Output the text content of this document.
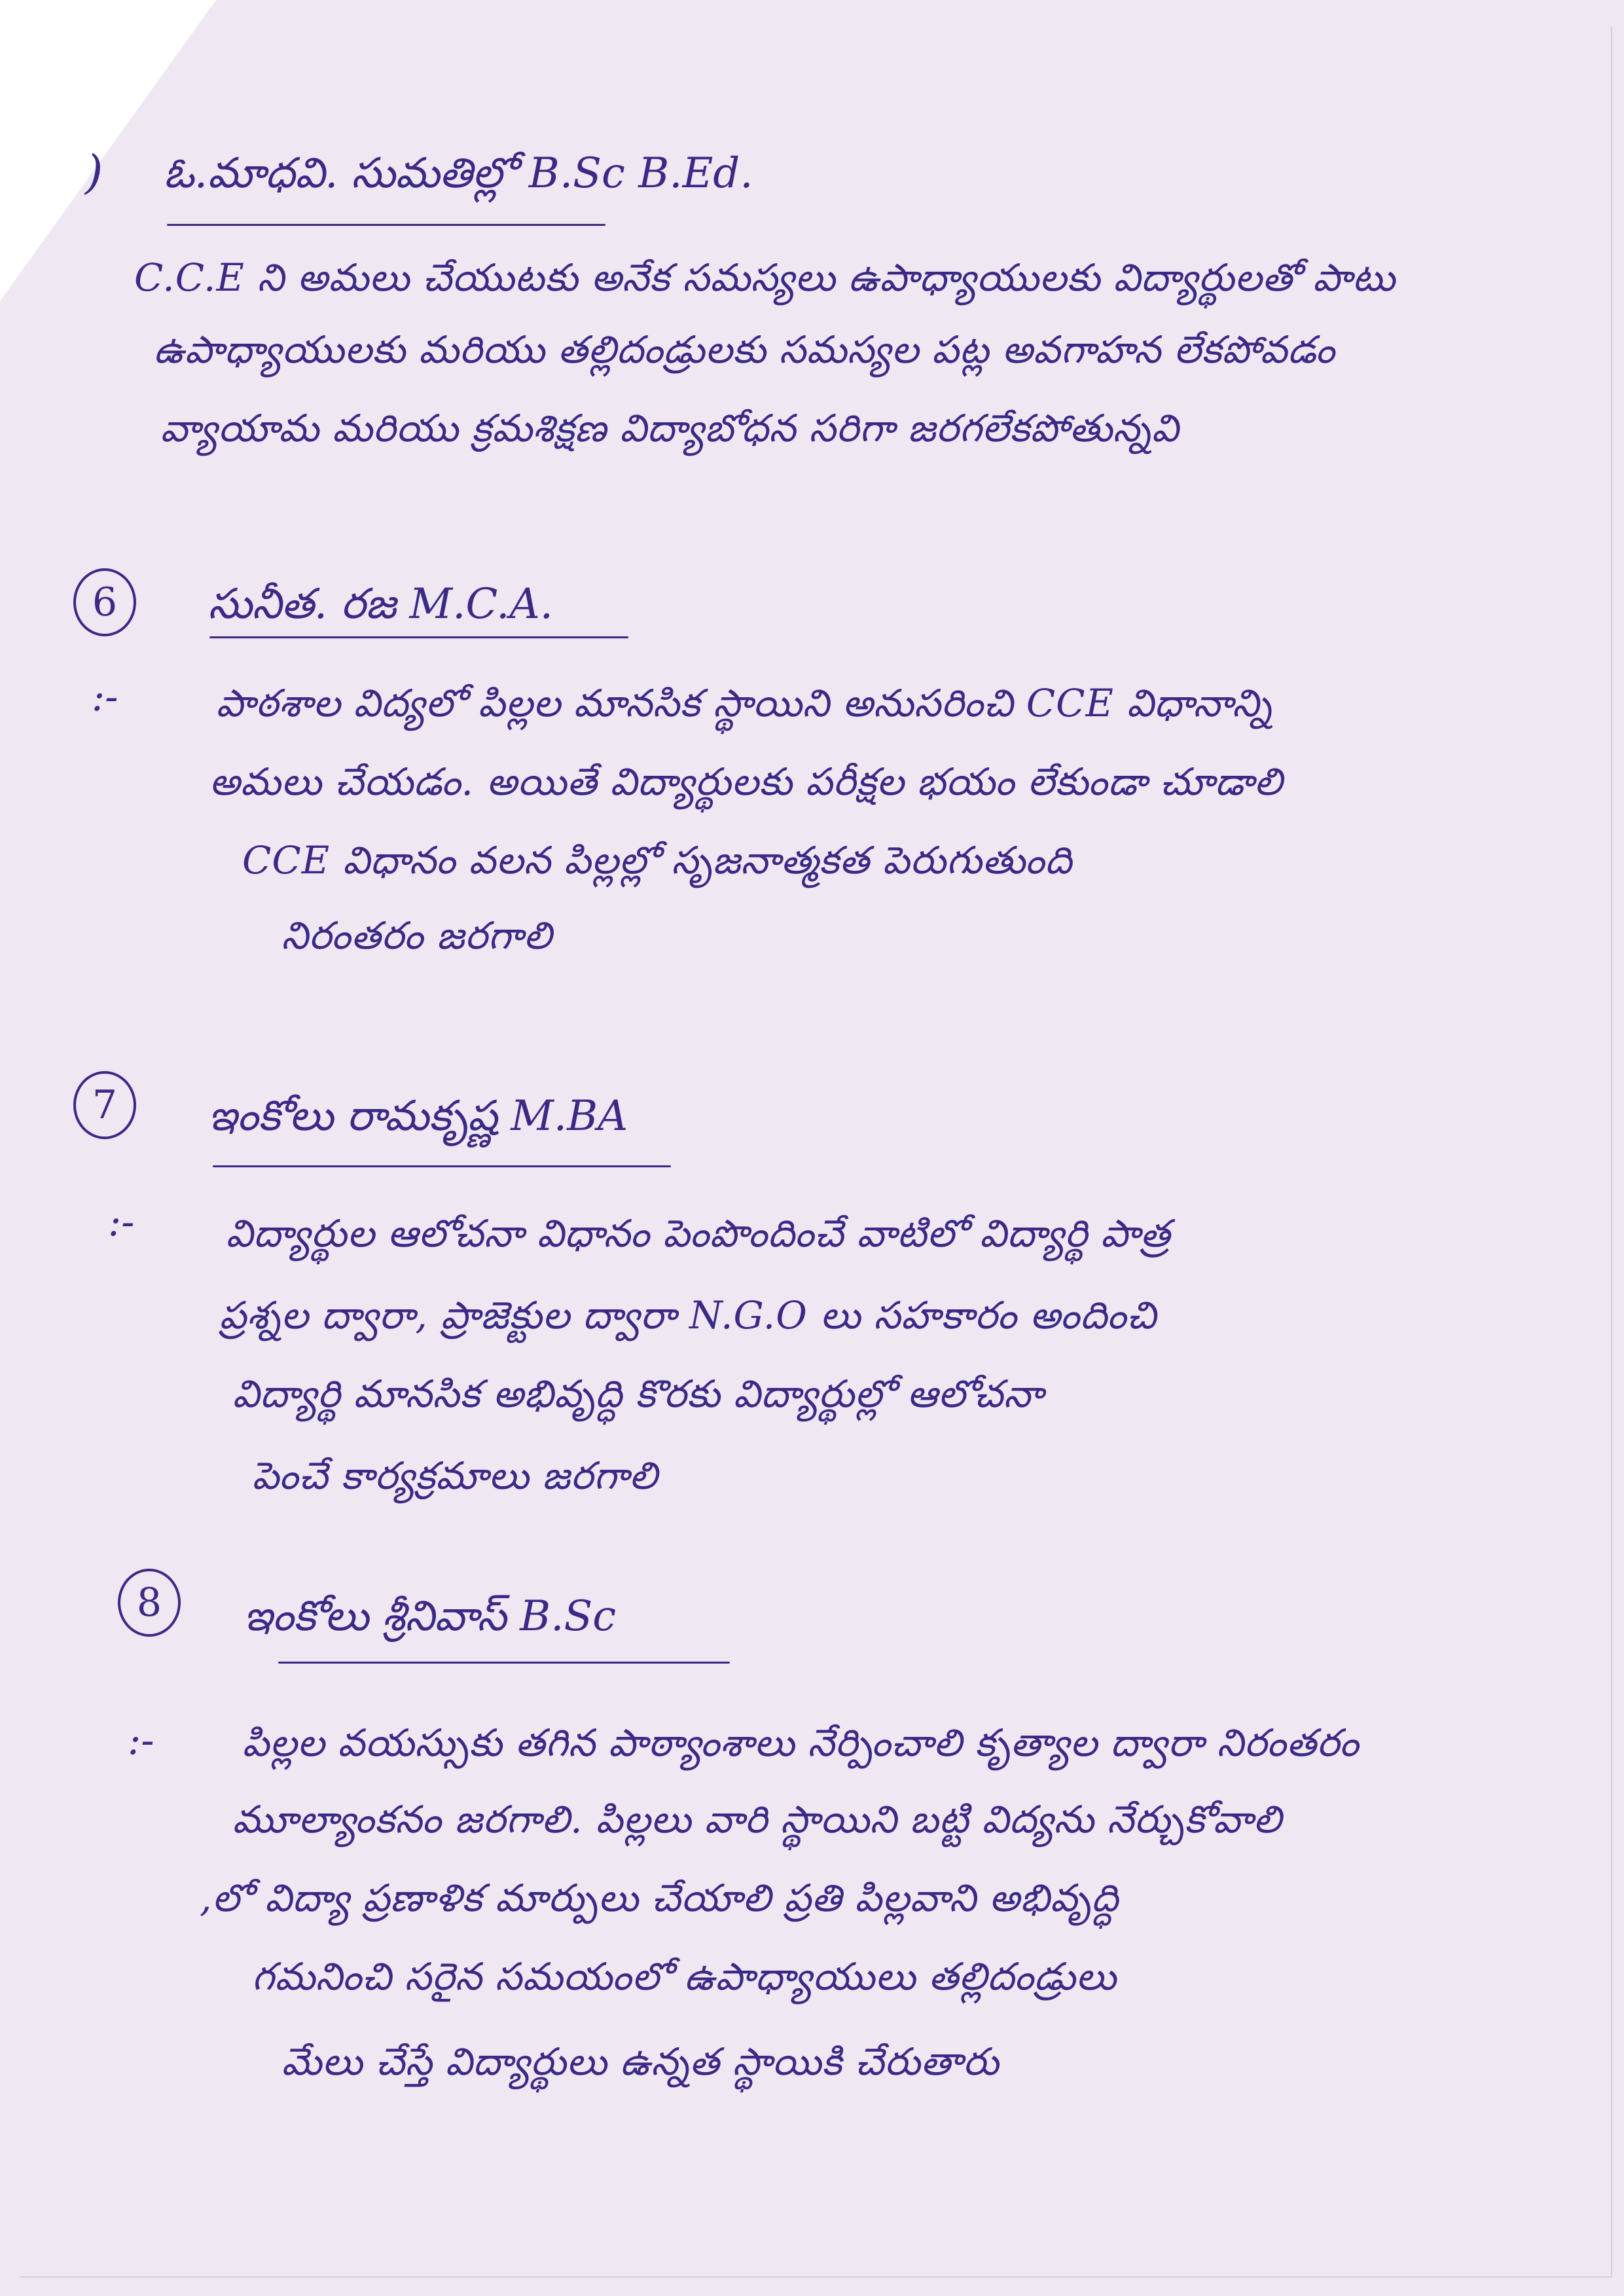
) ఓ.మాధవి. సుమతిల్లో B.Sc B.Ed.
C.C.E ని అమలు చేయుటకు అనేక సమస్యలు ఉపాధ్యాయులకు విద్యార్థులతో పాటు
ఉపాధ్యాయులకు మరియు తల్లిదండ్రులకు సమస్యల పట్ల అవగాహన లేకపోవడం
వ్యాయామ మరియు క్రమశిక్షణ విద్యాబోధన సరిగా జరగలేకపోతున్నవి
6	సునీత. రజ M.C.A.
:-	పాఠశాల విద్యలో పిల్లల మానసిక స్థాయిని అనుసరించి CCE విధానాన్ని
అమలు చేయడం. అయితే విద్యార్థులకు పరీక్షల భయం లేకుండా చూడాలి
CCE విధానం వలన పిల్లల్లో సృజనాత్మకత పెరుగుతుంది
నిరంతరం జరగాలి
7	ఇంకోలు రామకృష్ణ M.BA
:- విద్యార్థుల ఆలోచనా విధానం పెంపొందించే వాటిలో విద్యార్థి పాత్ర
ప్రశ్నల ద్వారా, ప్రాజెక్టుల ద్వారా N.G.O లు సహకారం అందించి
విద్యార్థి మానసిక అభివృద్ధి కొరకు విద్యార్థుల్లో ఆలోచనా
పెంచే కార్యక్రమాలు జరగాలి
8	ఇంకోలు శ్రీనివాస్ B.Sc
:- పిల్లల వయస్సుకు తగిన పాఠ్యాంశాలు నేర్పించాలి కృత్యాల ద్వారా నిరంతరం
మూల్యాంకనం జరగాలి. పిల్లలు వారి స్థాయిని బట్టి విద్యను నేర్చుకోవాలి
,లో విద్యా ప్రణాళిక మార్పులు చేయాలి ప్రతి పిల్లవాని అభివృద్ధి
గమనించి సరైన సమయంలో ఉపాధ్యాయులు తల్లిదండ్రులు
మేలు చేస్తే విద్యార్థులు ఉన్నత స్థాయికి చేరుతారు
